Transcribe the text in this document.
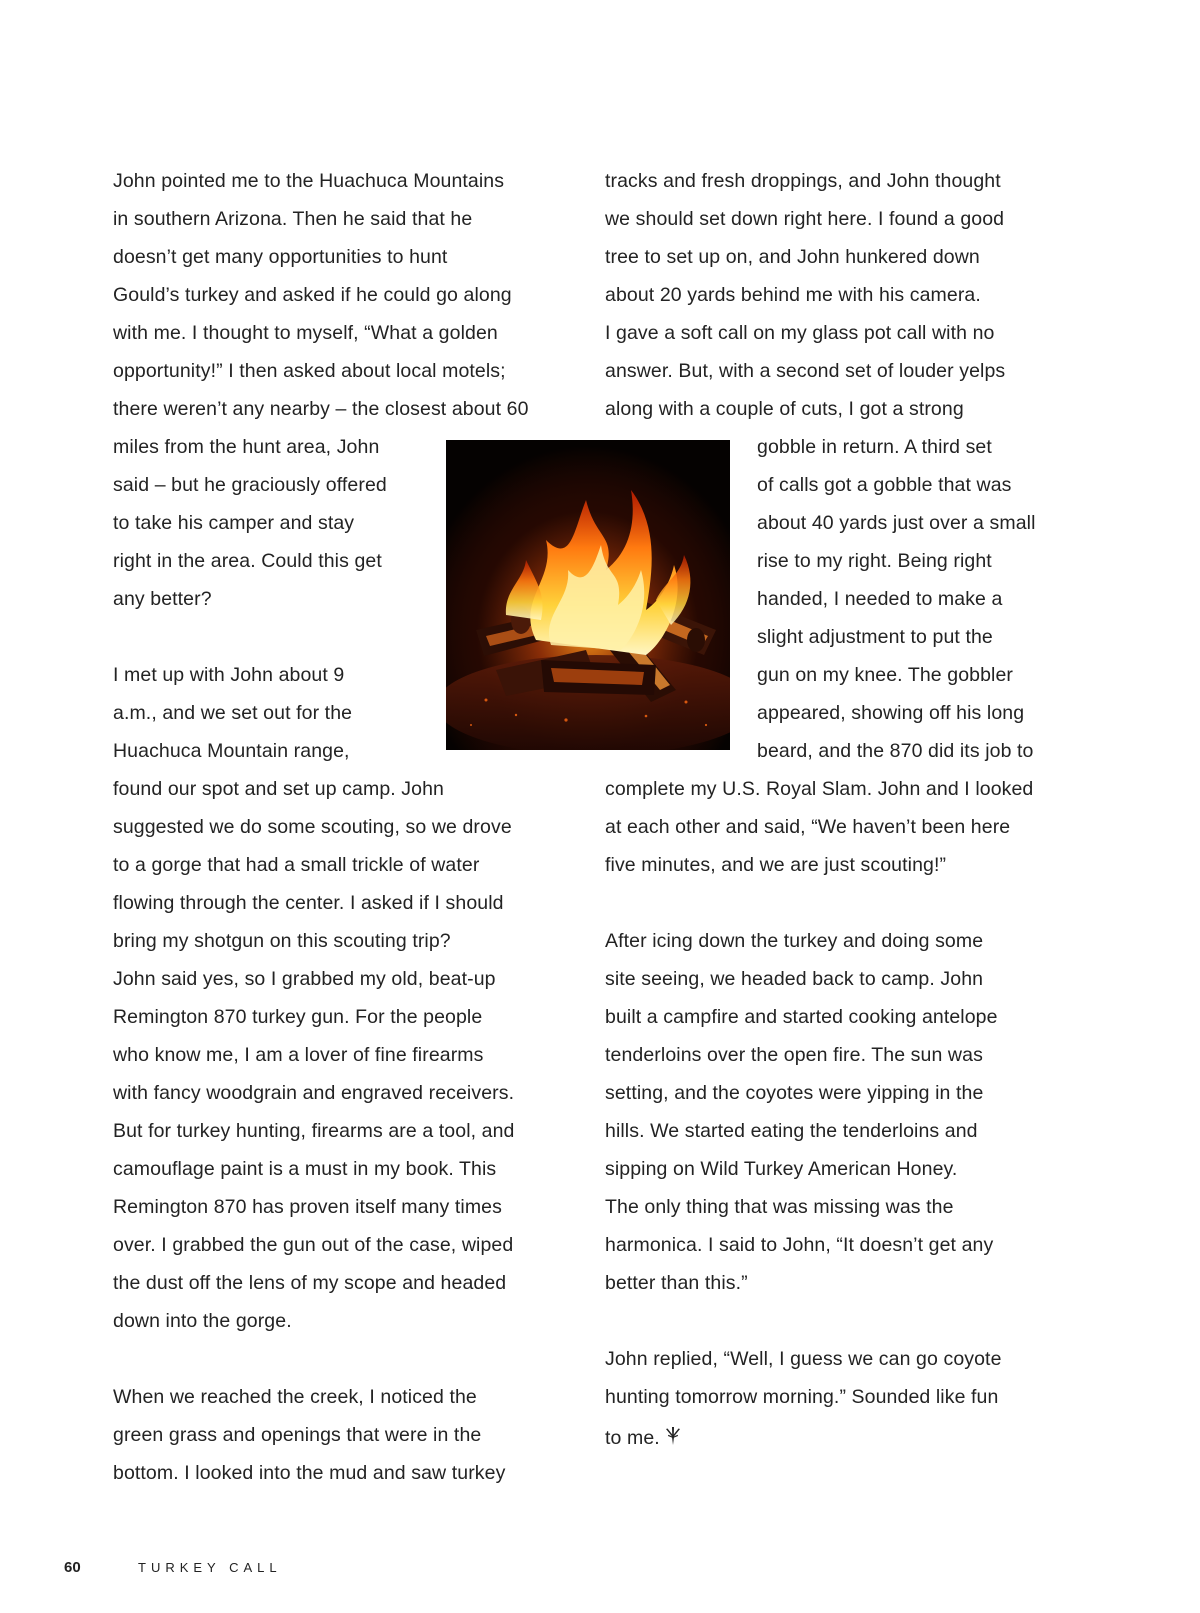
John pointed me to the Huachuca Mountains
in southern Arizona. Then he said that he
doesn’t get many opportunities to hunt
Gould’s turkey and asked if he could go along
with me. I thought to myself, “What a golden
opportunity!” I then asked about local motels;
there weren’t any nearby – the closest about 60
miles from the hunt area, John
said – but he graciously offered
to take his camper and stay
right in the area. Could this get
any better?
I met up with John about 9
a.m., and we set out for the
Huachuca Mountain range,
found our spot and set up camp. John
suggested we do some scouting, so we drove
to a gorge that had a small trickle of water
flowing through the center. I asked if I should
bring my shotgun on this scouting trip?
John said yes, so I grabbed my old, beat-up
Remington 870 turkey gun. For the people
who know me, I am a lover of fine firearms
with fancy woodgrain and engraved receivers.
But for turkey hunting, firearms are a tool, and
camouflage paint is a must in my book. This
Remington 870 has proven itself many times
over. I grabbed the gun out of the case, wiped
the dust off the lens of my scope and headed
down into the gorge.
When we reached the creek, I noticed the
green grass and openings that were in the
bottom. I looked into the mud and saw turkey
tracks and fresh droppings, and John thought
we should set down right here. I found a good
tree to set up on, and John hunkered down
about 20 yards behind me with his camera.
I gave a soft call on my glass pot call with no
answer. But, with a second set of louder yelps
along with a couple of cuts, I got a strong
gobble in return. A third set
of calls got a gobble that was
about 40 yards just over a small
rise to my right. Being right
handed, I needed to make a
slight adjustment to put the
gun on my knee. The gobbler
appeared, showing off his long
beard, and the 870 did its job to
complete my U.S. Royal Slam. John and I looked
at each other and said, “We haven’t been here
five minutes, and we are just scouting!”
After icing down the turkey and doing some
site seeing, we headed back to camp. John
built a campfire and started cooking antelope
tenderloins over the open fire. The sun was
setting, and the coyotes were yipping in the
hills. We started eating the tenderloins and
sipping on Wild Turkey American Honey.
The only thing that was missing was the
harmonica. I said to John, “It doesn’t get any
better than this.”
John replied, “Well, I guess we can go coyote
hunting tomorrow morning.” Sounded like fun
to me.
60	TURKEY CALL
